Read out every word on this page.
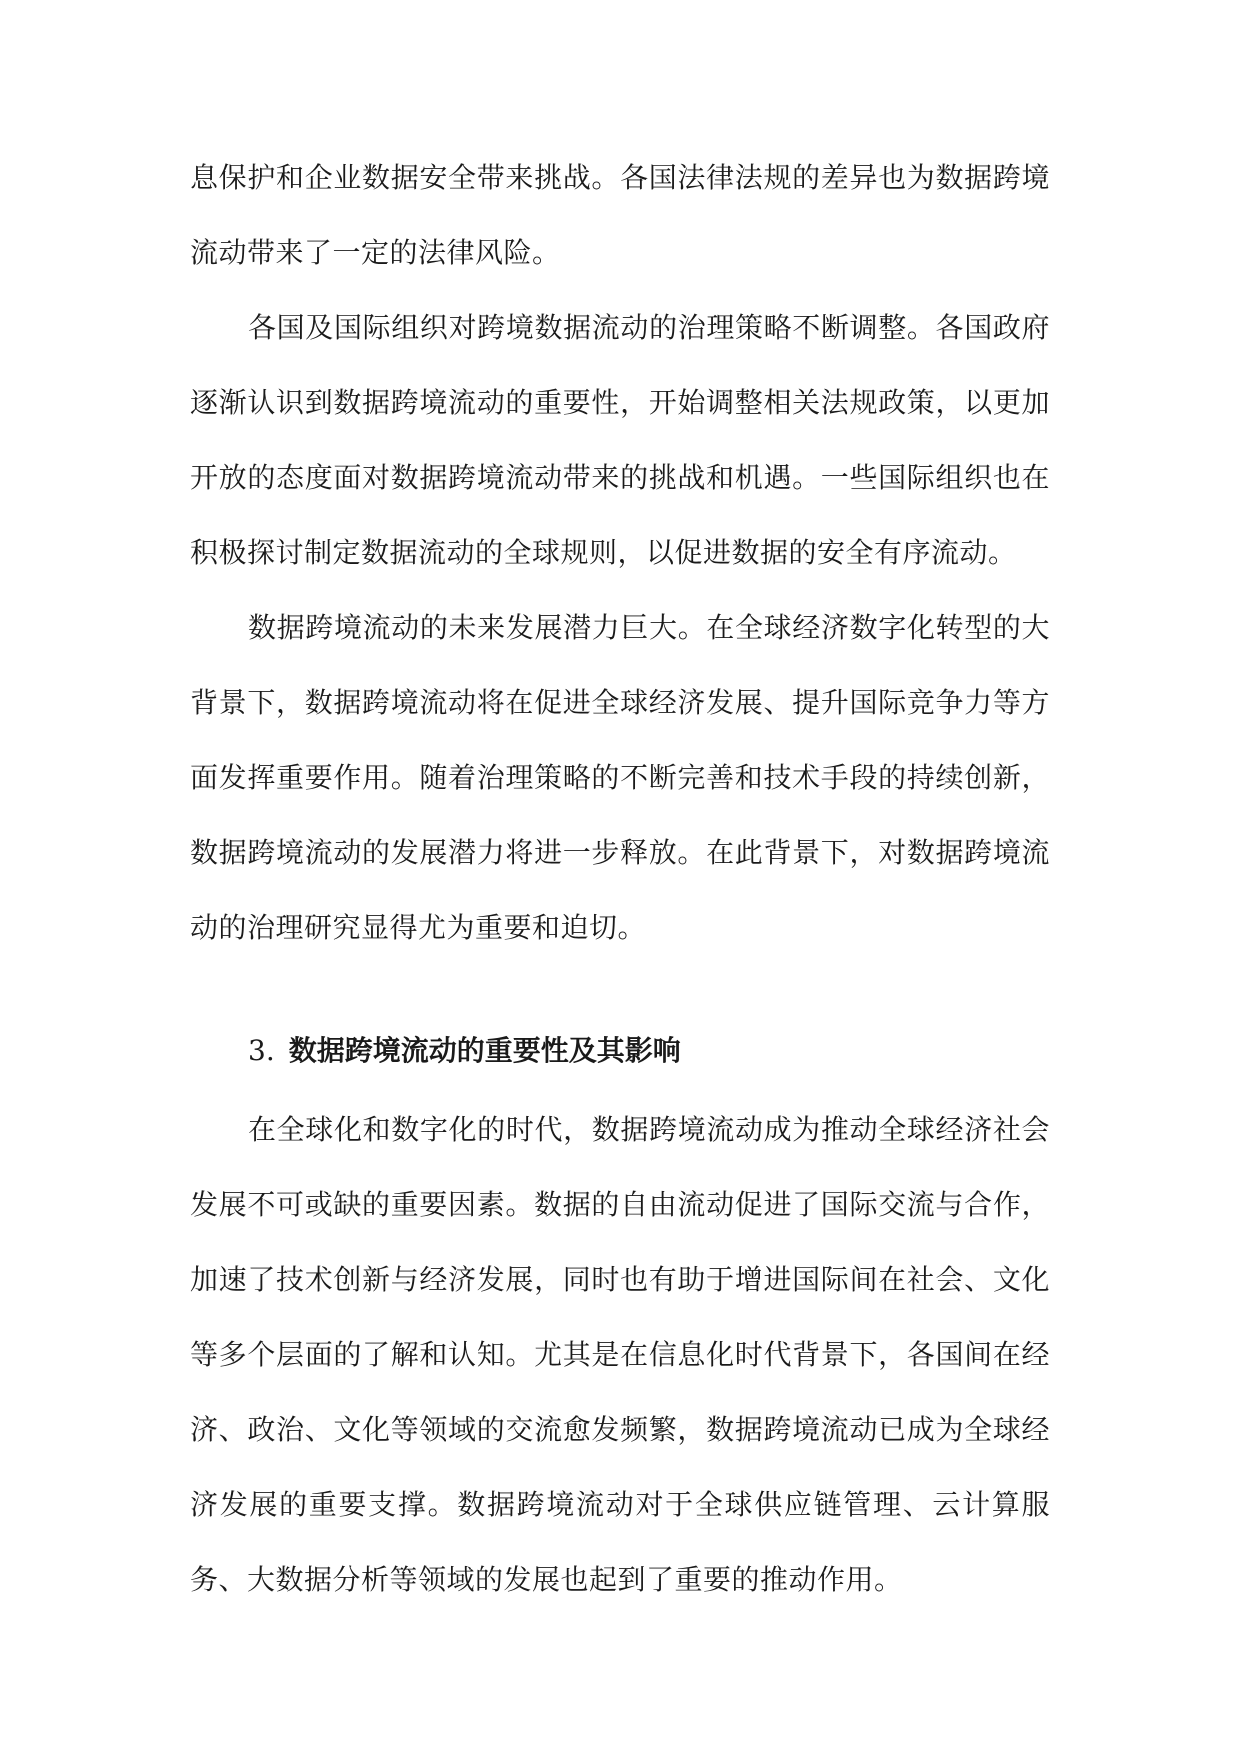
息保护和企业数据安全带来挑战。各国法律法规的差异也为数据跨境流动带来了一定的法律风险。

各国及国际组织对跨境数据流动的治理策略不断调整。各国政府逐渐认识到数据跨境流动的重要性，开始调整相关法规政策，以更加开放的态度面对数据跨境流动带来的挑战和机遇。一些国际组织也在积极探讨制定数据流动的全球规则，以促进数据的安全有序流动。

数据跨境流动的未来发展潜力巨大。在全球经济数字化转型的大背景下，数据跨境流动将在促进全球经济发展、提升国际竞争力等方面发挥重要作用。随着治理策略的不断完善和技术手段的持续创新，数据跨境流动的发展潜力将进一步释放。在此背景下，对数据跨境流动的治理研究显得尤为重要和迫切。

3. 数据跨境流动的重要性及其影响

在全球化和数字化的时代，数据跨境流动成为推动全球经济社会发展不可或缺的重要因素。数据的自由流动促进了国际交流与合作，加速了技术创新与经济发展，同时也有助于增进国际间在社会、文化等多个层面的了解和认知。尤其是在信息化时代背景下，各国间在经济、政治、文化等领域的交流愈发频繁，数据跨境流动已成为全球经济发展的重要支撑。数据跨境流动对于全球供应链管理、云计算服务、大数据分析等领域的发展也起到了重要的推动作用。
